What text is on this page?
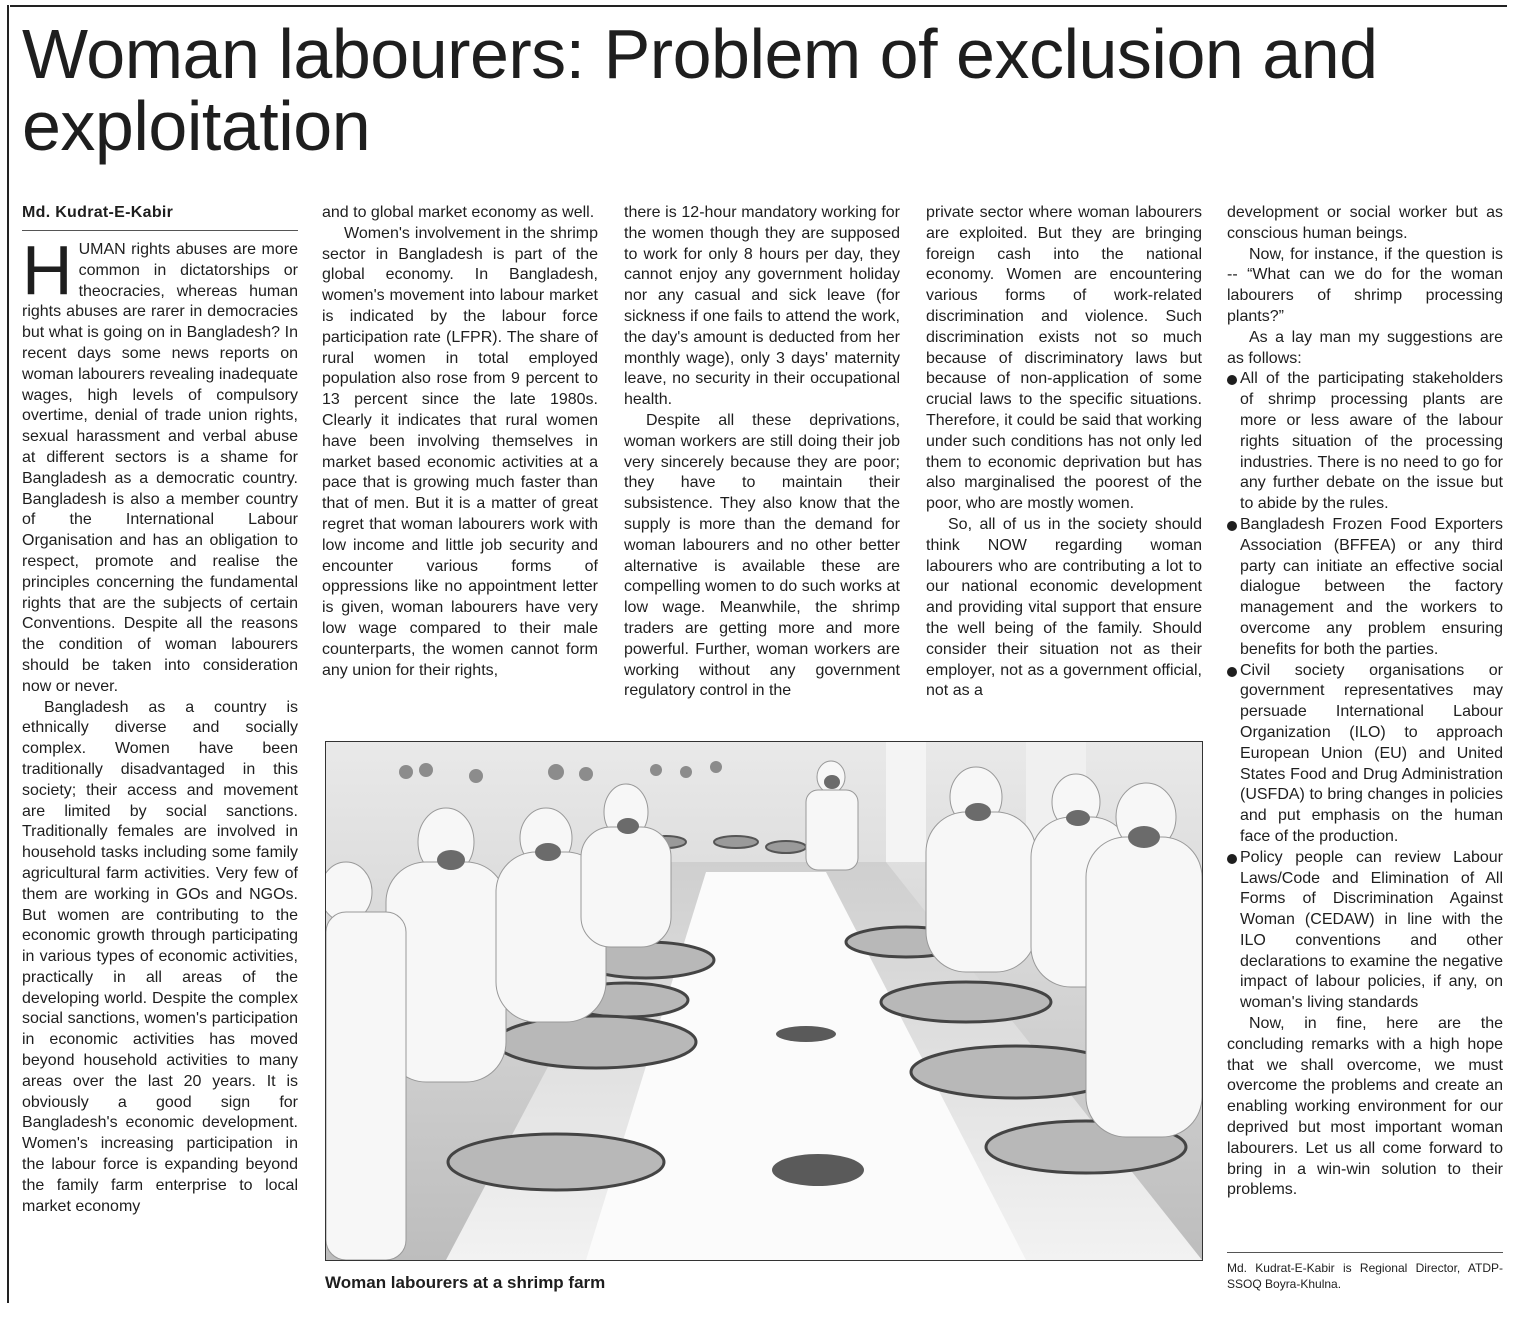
Woman labourers: Problem of exclusion and exploitation
Md. Kudrat-E-Kabir

HUMAN rights abuses are more common in dictatorships or theocracies, whereas human rights abuses are rarer in democracies but what is going on in Bangladesh? In recent days some news reports on woman labourers revealing inadequate wages, high levels of compulsory overtime, denial of trade union rights, sexual harassment and verbal abuse at different sectors is a shame for Bangladesh as a democratic country. Bangladesh is also a member country of the International Labour Organisation and has an obligation to respect, promote and realise the principles concerning the fundamental rights that are the subjects of certain Conventions. Despite all the reasons the condition of woman labourers should be taken into consideration now or never.

Bangladesh as a country is ethnically diverse and socially complex. Women have been traditionally disadvantaged in this society; their access and movement are limited by social sanctions. Traditionally females are involved in household tasks including some family agricultural farm activities. Very few of them are working in GOs and NGOs. But women are contributing to the economic growth through participating in various types of economic activities, practically in all areas of the developing world. Despite the complex social sanctions, women's participation in economic activities has moved beyond household activities to many areas over the last 20 years. It is obviously a good sign for Bangladesh's economic development. Women's increasing participation in the labour force is expanding beyond the family farm enterprise to local market economy

and to global market economy as well.

Women's involvement in the shrimp sector in Bangladesh is part of the global economy. In Bangladesh, women's movement into labour market is indicated by the labour force participation rate (LFPR). The share of rural women in total employed population also rose from 9 percent to 13 percent since the late 1980s. Clearly it indicates that rural women have been involving themselves in market based economic activities at a pace that is growing much faster than that of men. But it is a matter of great regret that woman labourers work with low income and little job security and encounter various forms of oppressions like no appointment letter is given, woman labourers have very low wage compared to their male counterparts, the women cannot form any union for their rights,

there is 12-hour mandatory working for the women though they are supposed to work for only 8 hours per day, they cannot enjoy any government holiday nor any casual and sick leave (for sickness if one fails to attend the work, the day's amount is deducted from her monthly wage), only 3 days' maternity leave, no security in their occupational health.

Despite all these deprivations, woman workers are still doing their job very sincerely because they are poor; they have to maintain their subsistence. They also know that the supply is more than the demand for woman labourers and no other better alternative is available these are compelling women to do such works at low wage. Meanwhile, the shrimp traders are getting more and more powerful. Further, woman workers are working without any government regulatory control in the

private sector where woman labourers are exploited. But they are bringing foreign cash into the national economy. Women are encountering various forms of work-related discrimination and violence. Such discrimination exists not so much because of discriminatory laws but because of non-application of some crucial laws to the specific situations. Therefore, it could be said that working under such conditions has not only led them to economic deprivation but has also marginalised the poorest of the poor, who are mostly women.

So, all of us in the society should think NOW regarding woman labourers who are contributing a lot to our national economic development and providing vital support that ensure the well being of the family. Should consider their situation not as their employer, not as a government official, not as a

development or social worker but as conscious human beings.

Now, for instance, if the question is -- “What can we do for the woman labourers of shrimp processing plants?”

As a lay man my suggestions are as follows:

All of the participating stakeholders of shrimp processing plants are more or less aware of the labour rights situation of the processing industries. There is no need to go for any further debate on the issue but to abide by the rules.
Bangladesh Frozen Food Exporters Association (BFFEA) or any third party can initiate an effective social dialogue between the factory management and the workers to overcome any problem ensuring benefits for both the parties.
Civil society organisations or government representatives may persuade International Labour Organization (ILO) to approach European Union (EU) and United States Food and Drug Administration (USFDA) to bring changes in policies and put emphasis on the human face of the production.
Policy people can review Labour Laws/Code and Elimination of All Forms of Discrimination Against Woman (CEDAW) in line with the ILO conventions and other declarations to examine the negative impact of labour policies, if any, on woman's living standards

Now, in fine, here are the concluding remarks with a high hope that we shall overcome, we must overcome the problems and create an enabling working environment for our deprived but most important woman labourers. Let us all come forward to bring in a win-win solution to their problems.

Woman labourers at a shrimp farm
Md. Kudrat-E-Kabir is Regional Director, ATDP-SSOQ Boyra-Khulna.
